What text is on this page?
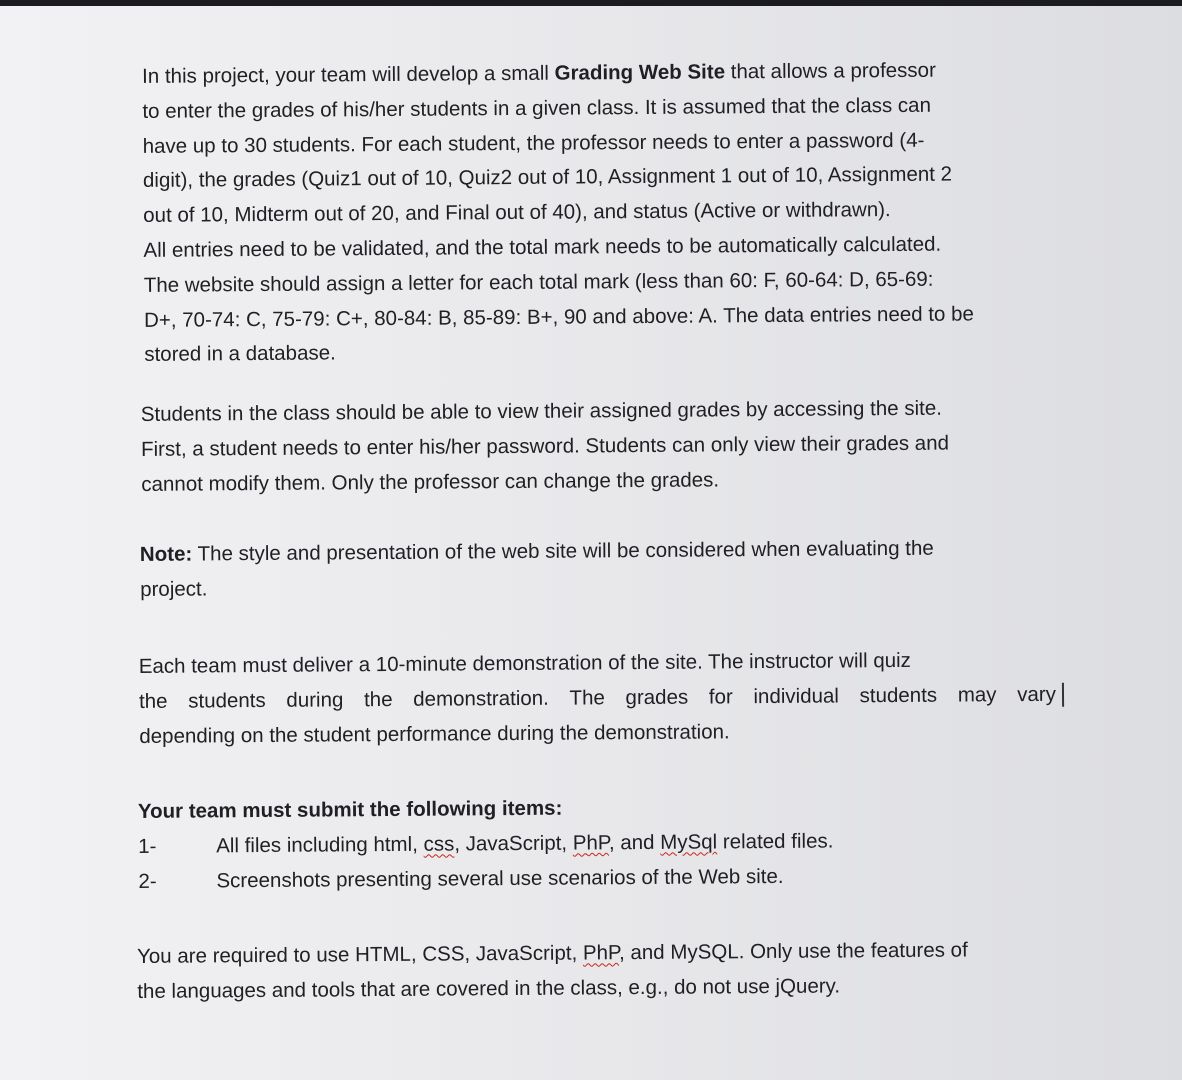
In this project, your team will develop a small Grading Web Site that allows a professor
to enter the grades of his/her students in a given class. It is assumed that the class can
have up to 30 students. For each student, the professor needs to enter a password (4-
digit), the grades (Quiz1 out of 10, Quiz2 out of 10, Assignment 1 out of 10, Assignment 2
out of 10, Midterm out of 20, and Final out of 40), and status (Active or withdrawn).
All entries need to be validated, and the total mark needs to be automatically calculated.
The website should assign a letter for each total mark (less than 60: F, 60-64: D, 65-69:
D+, 70-74: C, 75-79: C+, 80-84: B, 85-89: B+, 90 and above: A. The data entries need to be
stored in a database.
Students in the class should be able to view their assigned grades by accessing the site.
First, a student needs to enter his/her password. Students can only view their grades and
cannot modify them. Only the professor can change the grades.
Note: The style and presentation of the web site will be considered when evaluating the
project.
Each team must deliver a 10-minute demonstration of the site. The instructor will quiz
the students during the demonstration. The grades for individual students may vary
depending on the student performance during the demonstration.

Your team must submit the following items:

1-	All files including html, css, JavaScript, PhP, and MySql related files.
2-	Screenshots presenting several use scenarios of the Web site.
You are required to use HTML, CSS, JavaScript, PhP, and MySQL. Only use the features of
the languages and tools that are covered in the class, e.g., do not use jQuery.
